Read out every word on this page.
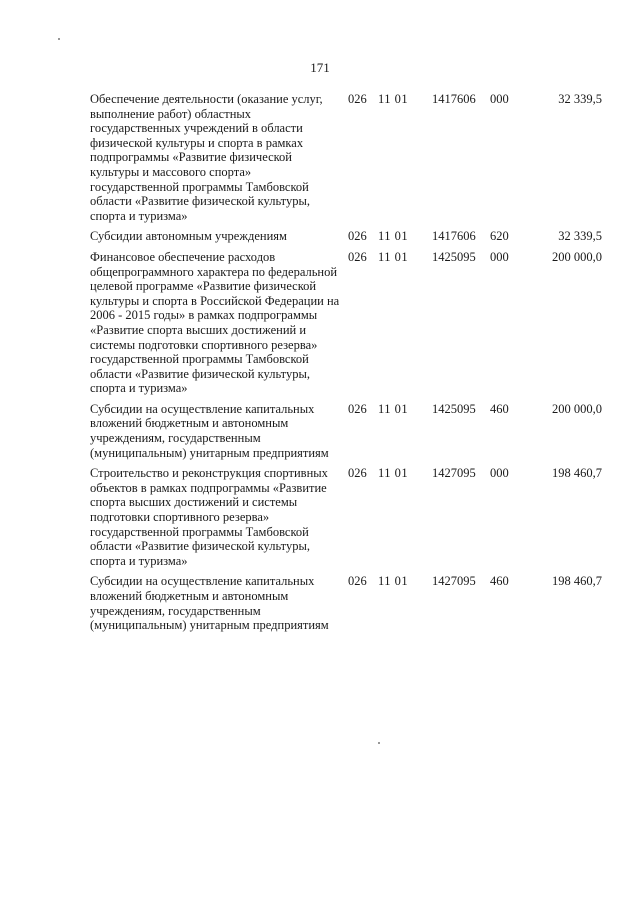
171
Обеспечение деятельности (оказание услуг, выполнение работ) областных государственных учреждений в области физической культуры и спорта в рамках подпрограммы «Развитие физической культуры и массового спорта» государственной программы Тамбовской области «Развитие физической культуры, спорта и туризма»	026	11 01	1417606	000	32 339,5
Субсидии автономным учреждениям	026	11 01	1417606	620	32 339,5
Финансовое обеспечение расходов общепрограммного характера по федеральной целевой программе «Развитие физической культуры и спорта в Российской Федерации на 2006 - 2015 годы» в рамках подпрограммы «Развитие спорта высших достижений и системы подготовки спортивного резерва» государственной программы Тамбовской области «Развитие физической культуры, спорта и туризма»	026	11 01	1425095	000	200 000,0
Субсидии на осуществление капитальных вложений бюджетным и автономным учреждениям, государственным (муниципальным) унитарным предприятиям	026	11 01	1425095	460	200 000,0
Строительство и реконструкция спортивных объектов в рамках подпрограммы «Развитие спорта высших достижений и системы подготовки спортивного резерва» государственной программы Тамбовской области «Развитие физической культуры, спорта и туризма»	026	11 01	1427095	000	198 460,7
Субсидии на осуществление капитальных вложений бюджетным и автономным учреждениям, государственным (муниципальным) унитарным предприятиям	026	11 01	1427095	460	198 460,7
